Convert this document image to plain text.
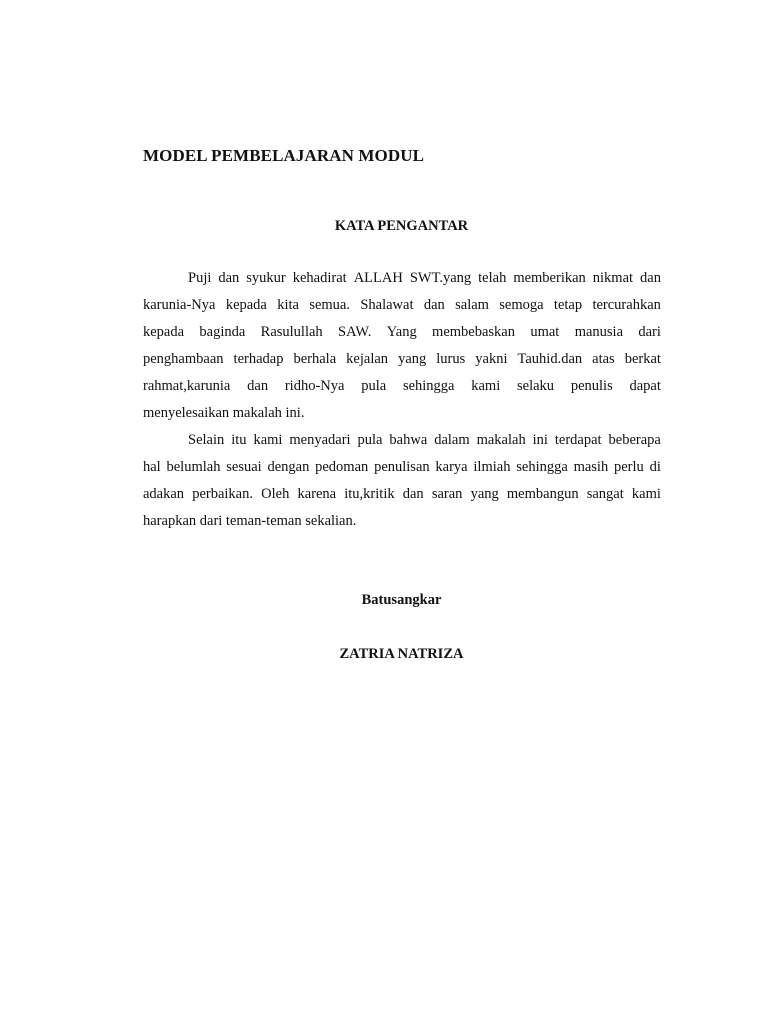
MODEL PEMBELAJARAN MODUL
KATA PENGANTAR
Puji dan syukur kehadirat ALLAH SWT.yang telah memberikan nikmat dan
karunia-Nya kepada kita semua. Shalawat dan salam semoga tetap tercurahkan
kepada baginda Rasulullah SAW. Yang membebaskan umat manusia dari
penghambaan terhadap berhala kejalan yang lurus yakni Tauhid.dan atas berkat
rahmat,karunia dan ridho-Nya pula sehingga kami selaku penulis dapat
menyelesaikan makalah ini.
Selain itu kami menyadari pula bahwa dalam makalah ini terdapat beberapa
hal belumlah sesuai dengan pedoman penulisan karya ilmiah sehingga masih perlu di
adakan perbaikan. Oleh karena itu,kritik dan saran yang membangun sangat kami
harapkan dari teman-teman sekalian.

Batusangkar

ZATRIA NATRIZA
